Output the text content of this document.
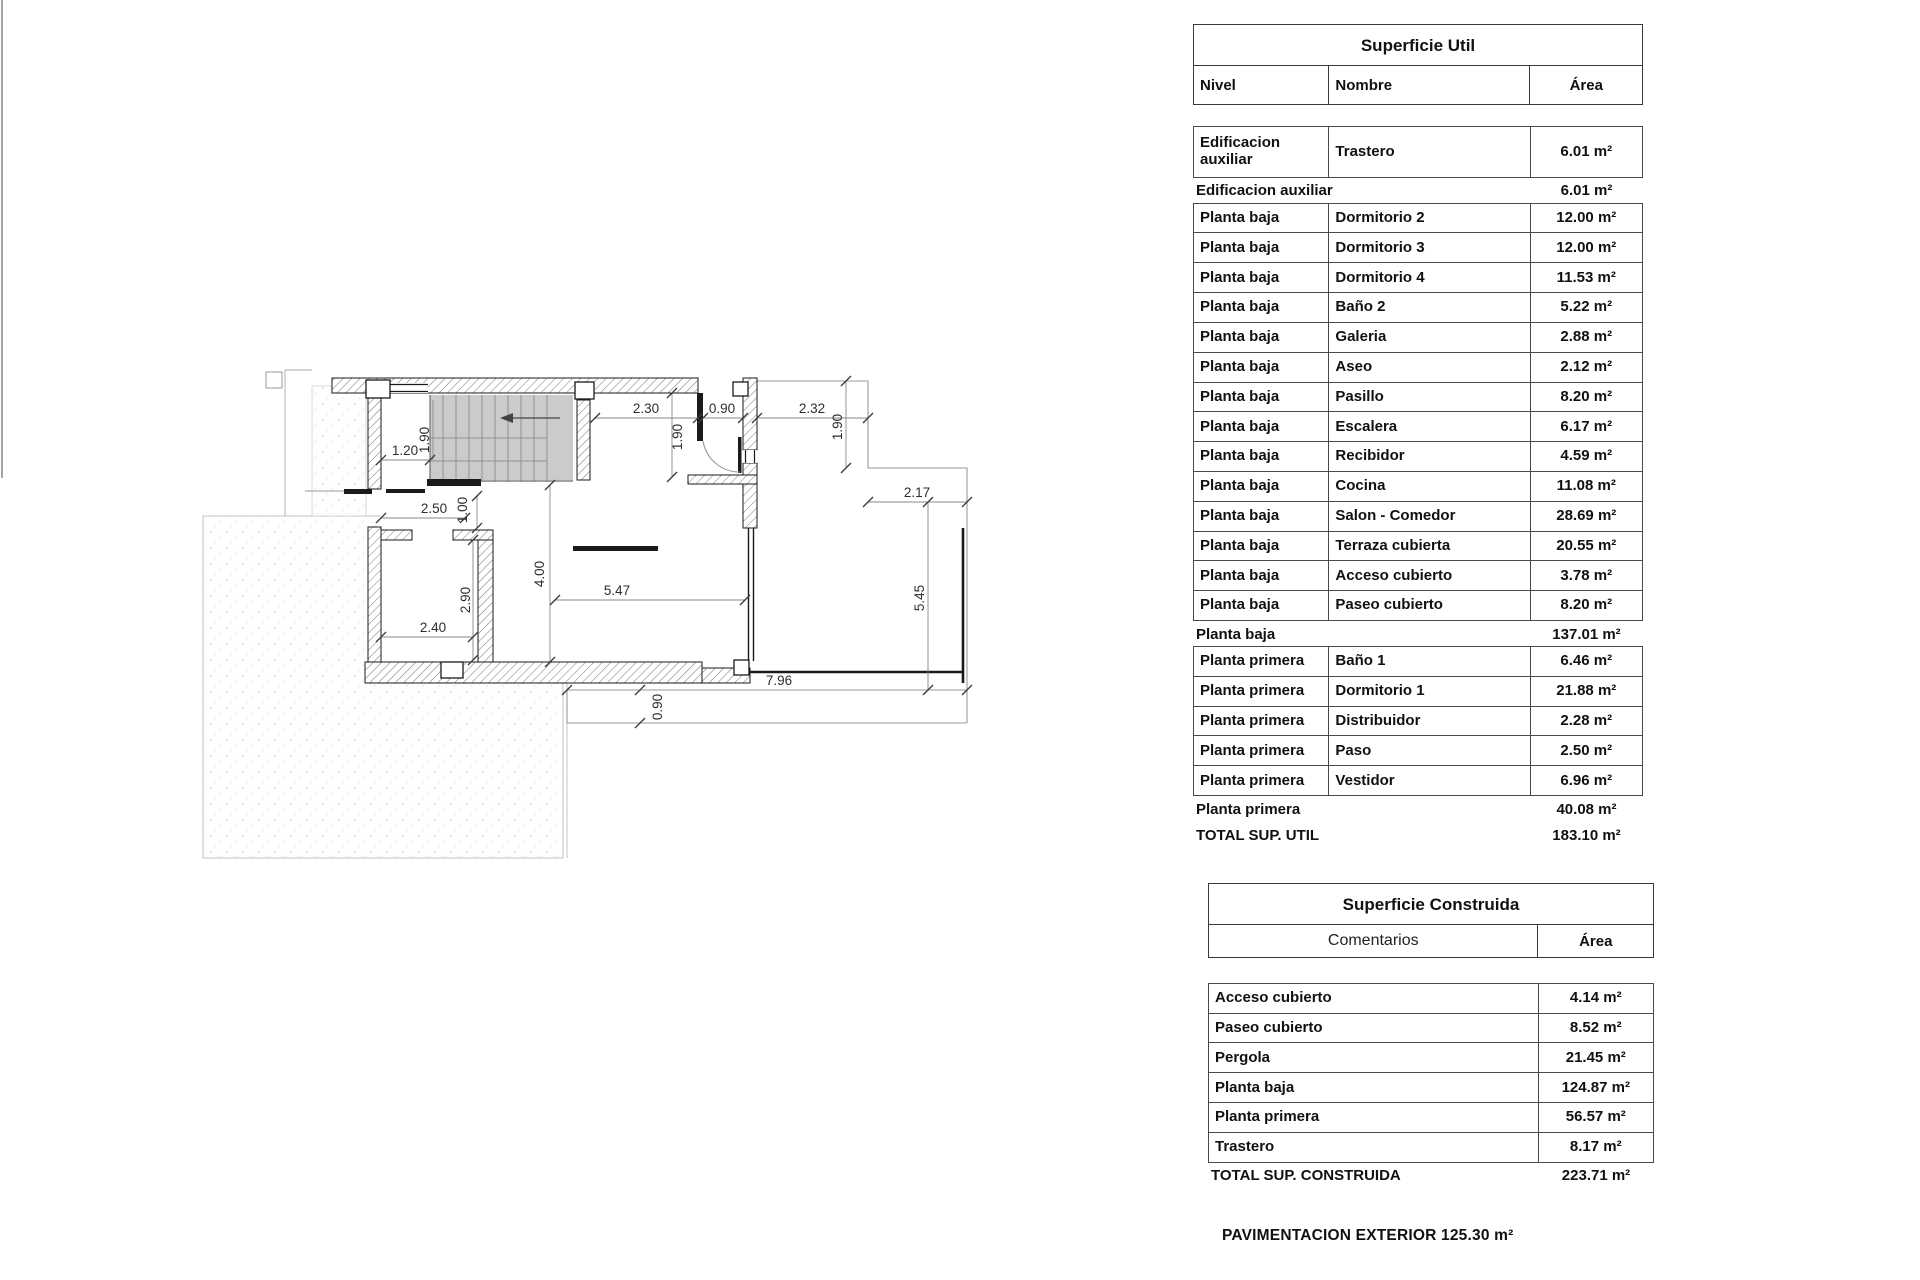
1.20
1.90
2.30	0.90	2.32
1.90	1.90
2.17
5.45
2.50 1.00
2.90
2.40
4.00
5.47
7.96
0.90
Superficie Util
Nivel	Nombre	Área
Edificacion auxiliar	Trastero	6.01 m²
Edificacion auxiliar	6.01 m²
Planta baja	Dormitorio 2	12.00 m²
Planta baja	Dormitorio 3	12.00 m²
Planta baja	Dormitorio 4	11.53 m²
Planta baja	Baño 2	5.22 m²
Planta baja	Galeria	2.88 m²
Planta baja	Aseo	2.12 m²
Planta baja	Pasillo	8.20 m²
Planta baja	Escalera	6.17 m²
Planta baja	Recibidor	4.59 m²
Planta baja	Cocina	11.08 m²
Planta baja	Salon - Comedor	28.69 m²
Planta baja	Terraza cubierta	20.55 m²
Planta baja	Acceso cubierto	3.78 m²
Planta baja	Paseo cubierto	8.20 m²
Planta baja	137.01 m²
Planta primera	Baño 1	6.46 m²
Planta primera	Dormitorio 1	21.88 m²
Planta primera	Distribuidor	2.28 m²
Planta primera	Paso	2.50 m²
Planta primera	Vestidor	6.96 m²
Planta primera	40.08 m²
TOTAL SUP. UTIL	183.10 m²
Superficie Construida
Comentarios	Área
Acceso cubierto	4.14 m²
Paseo cubierto	8.52 m²
Pergola	21.45 m²
Planta baja	124.87 m²
Planta primera	56.57 m²
Trastero	8.17 m²
TOTAL SUP. CONSTRUIDA	223.71 m²
PAVIMENTACION EXTERIOR 125.30 m²
